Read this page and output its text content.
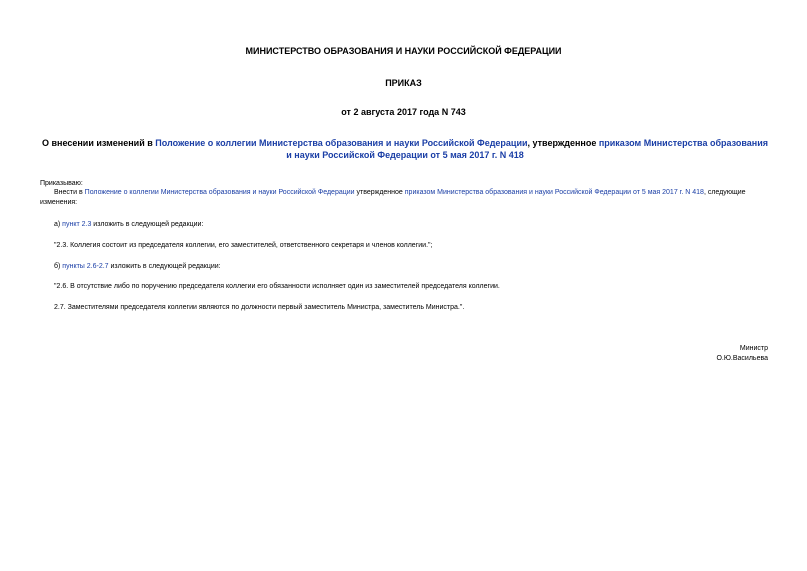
МИНИСТЕРСТВО ОБРАЗОВАНИЯ И НАУКИ РОССИЙСКОЙ ФЕДЕРАЦИИ
ПРИКАЗ
от 2 августа 2017 года N 743
О внесении изменений в Положение о коллегии Министерства образования и науки Российской Федерации, утвержденное приказом Министерства образования и науки Российской Федерации от 5 мая 2017 г. N 418
Приказываю:
Внести в Положение о коллегии Министерства образования и науки Российской Федерации утвержденное приказом Министерства образования и науки Российской Федерации от 5 мая 2017 г. N 418, следующие
изменения:
а) пункт 2.3 изложить в следующей редакции:
"2.3. Коллегия состоит из председателя коллегии, его заместителей, ответственного секретаря и членов коллегии.";
б) пункты 2.6-2.7 изложить в следующей редакции:
"2.6. В отсутствие либо по поручению председателя коллегии его обязанности исполняет один из заместителей председателя коллегии.
2.7. Заместителями председателя коллегии являются по должности первый заместитель Министра, заместитель Министра.".
Министр
О.Ю.Васильева
